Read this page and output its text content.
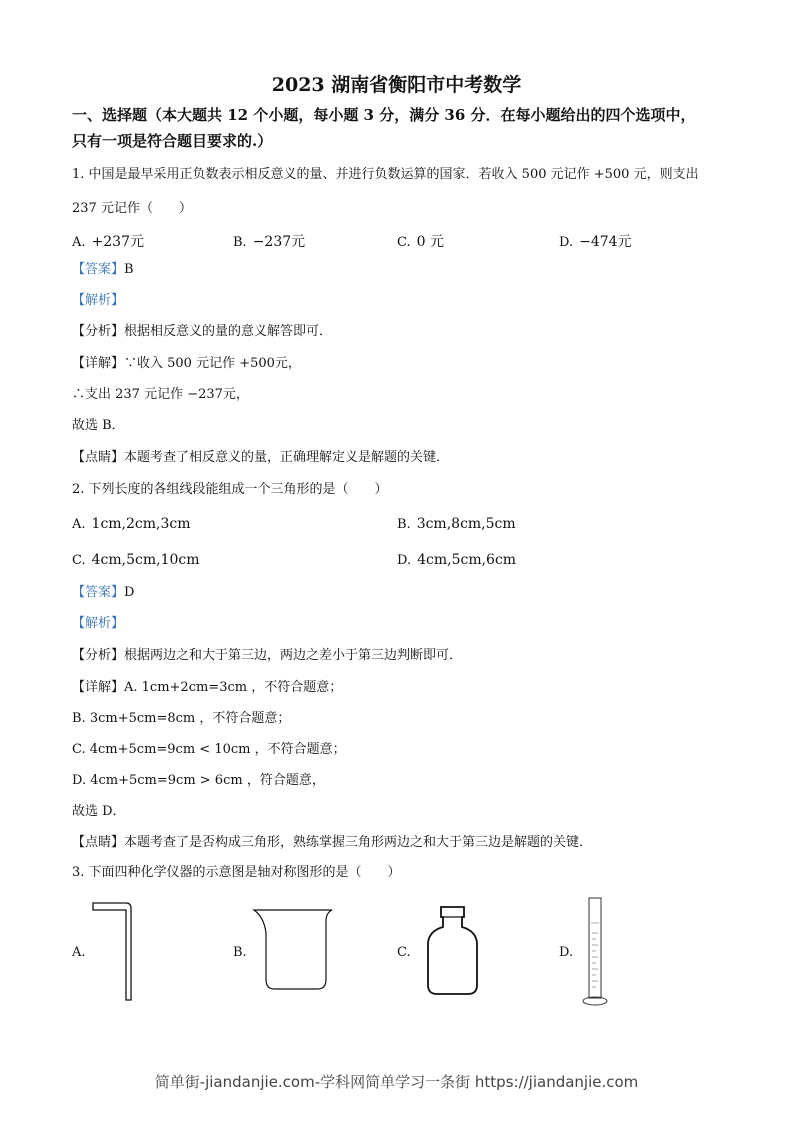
2023 湖南省衡阳市中考数学
一、选择题（本大题共 12 个小题，每小题 3 分，满分 36 分．在每小题给出的四个选项中，
只有一项是符合题目要求的.）
1. 中国是最早采用正负数表示相反意义的量、并进行负数运算的国家．若收入 500 元记作 +500 元，则支出
237 元记作（　　）
A. +237元	B. −237元	C. 0 元	D. −474元
【答案】B
【解析】
【分析】根据相反意义的量的意义解答即可．
【详解】∵收入 500 元记作 +500元，
∴支出 237 元记作 −237元，
故选 B．
【点睛】本题考查了相反意义的量，正确理解定义是解题的关键．
2. 下列长度的各组线段能组成一个三角形的是（　　）
A. 1cm,2cm,3cm	B. 3cm,8cm,5cm
C. 4cm,5cm,10cm	D. 4cm,5cm,6cm
【答案】D
【解析】
【分析】根据两边之和大于第三边，两边之差小于第三边判断即可．
【详解】A. 1cm+2cm=3cm ，不符合题意；
B. 3cm+5cm=8cm ，不符合题意；
C. 4cm+5cm=9cm < 10cm ，不符合题意；
D. 4cm+5cm=9cm > 6cm ，符合题意，
故选 D．
【点睛】本题考查了是否构成三角形，熟练掌握三角形两边之和大于第三边是解题的关键．
3. 下面四种化学仪器的示意图是轴对称图形的是（　　）
A.	B.	C.	D.
简单街-jiandanjie.com-学科网简单学习一条街 https://jiandanjie.com
